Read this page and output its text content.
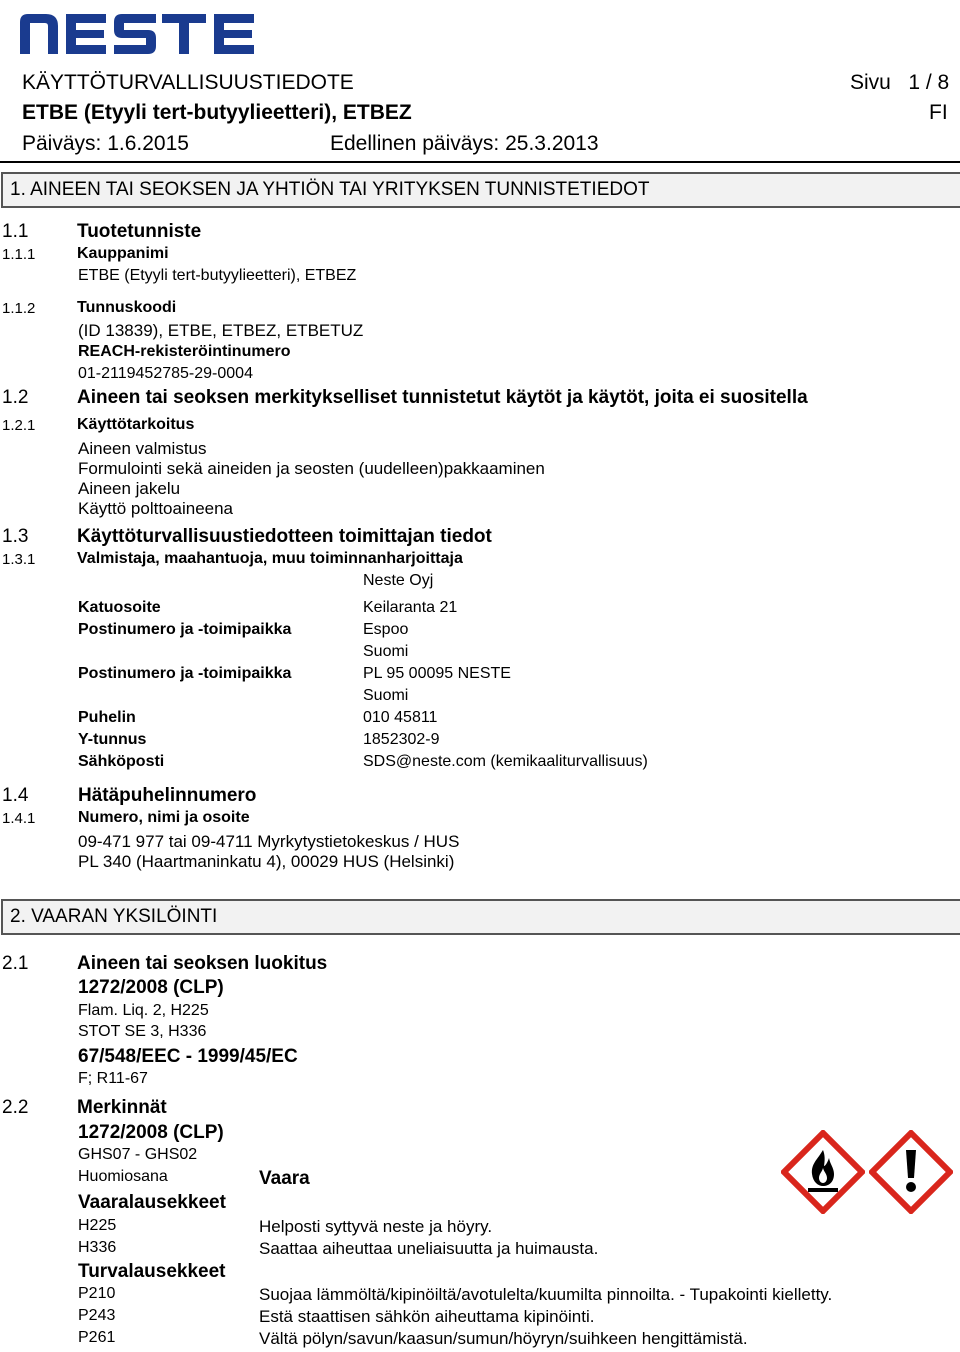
KÄYTTÖTURVALLISUUSTIEDOTE	Sivu   1 / 8
ETBE (Etyyli tert-butyylieetteri), ETBEZ	FI
Päiväys: 1.6.2015	Edellinen päiväys: 25.3.2013
1. AINEEN TAI SEOKSEN JA YHTIÖN TAI YRITYKSEN TUNNISTETIEDOT
1.1	Tuotetunniste
1.1.1	Kauppanimi
ETBE (Etyyli tert-butyylieetteri), ETBEZ
1.1.2	Tunnuskoodi
(ID 13839), ETBE, ETBEZ, ETBETUZ
REACH-rekisteröintinumero
01-2119452785-29-0004
1.2	Aineen tai seoksen merkitykselliset tunnistetut käytöt ja käytöt, joita ei suositella
1.2.1	Käyttötarkoitus
Aineen valmistus
Formulointi sekä aineiden ja seosten (uudelleen)pakkaaminen
Aineen jakelu
Käyttö polttoaineena
1.3	Käyttöturvallisuustiedotteen toimittajan tiedot
1.3.1	Valmistaja, maahantuoja, muu toiminnanharjoittaja
Neste Oyj
Katuosoite	Keilaranta 21
Postinumero ja -toimipaikka	Espoo
Suomi
Postinumero ja -toimipaikka	PL 95 00095 NESTE
Suomi
Puhelin	010 45811
Y-tunnus	1852302-9
Sähköposti	SDS@neste.com (kemikaaliturvallisuus)
1.4	Hätäpuhelinnumero
1.4.1	Numero, nimi ja osoite
09-471 977 tai 09-4711 Myrkytystietokeskus / HUS
PL 340 (Haartmaninkatu 4), 00029 HUS (Helsinki)
2. VAARAN YKSILÖINTI
2.1	Aineen tai seoksen luokitus
1272/2008 (CLP)
Flam. Liq. 2, H225
STOT SE 3, H336
67/548/EEC - 1999/45/EC
F; R11-67
2.2	Merkinnät
1272/2008 (CLP)
GHS07 - GHS02
Huomiosana	Vaara
Vaaralausekkeet
H225	Helposti syttyvä neste ja höyry.
H336	Saattaa aiheuttaa uneliaisuutta ja huimausta.
Turvalausekkeet
P210	Suojaa lämmöltä/kipinöiltä/avotulelta/kuumilta pinnoilta. - Tupakointi kielletty.
P243	Estä staattisen sähkön aiheuttama kipinöinti.
P261	Vältä pölyn/savun/kaasun/sumun/höyryn/suihkeen hengittämistä.
